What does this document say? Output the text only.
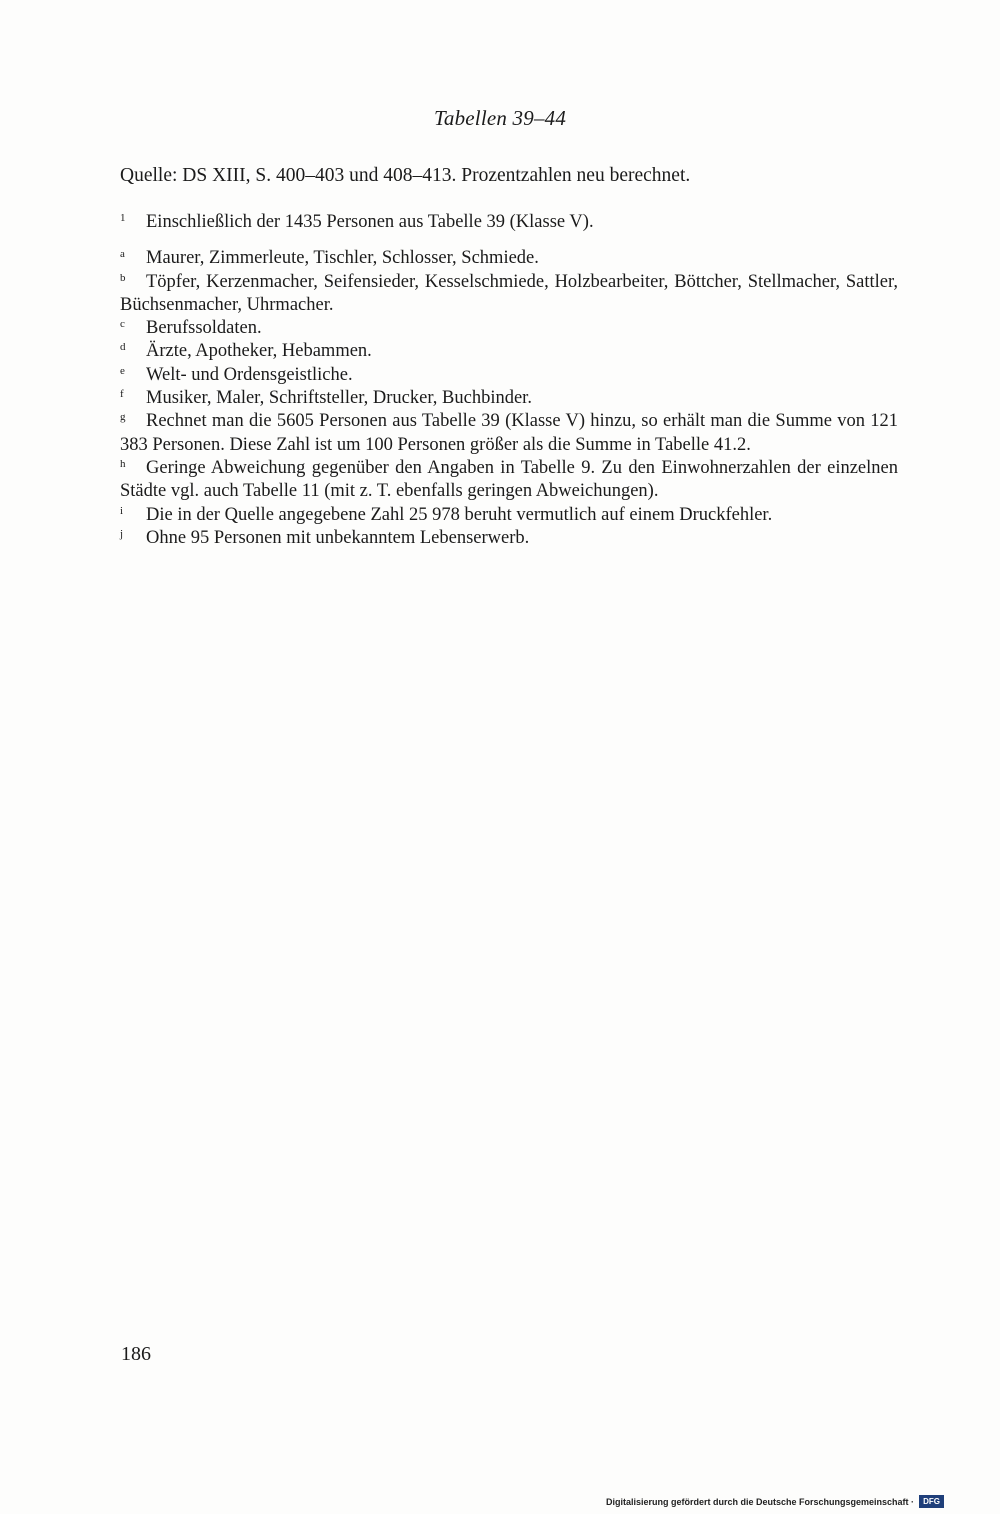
Tabellen 39–44
Quelle: DS XIII, S. 400–403 und 408–413. Prozentzahlen neu berechnet.

1 Einschließlich der 1435 Personen aus Tabelle 39 (Klasse V).

a Maurer, Zimmerleute, Tischler, Schlosser, Schmiede.

b Töpfer, Kerzenmacher, Seifensieder, Kesselschmiede, Holzbearbeiter, Böttcher, Stellmacher, Sattler, Büchsenmacher, Uhrmacher.

c Berufssoldaten.

d Ärzte, Apotheker, Hebammen.

e Welt- und Ordensgeistliche.

f Musiker, Maler, Schriftsteller, Drucker, Buchbinder.

g Rechnet man die 5605 Personen aus Tabelle 39 (Klasse V) hinzu, so erhält man die Summe von 121 383 Personen. Diese Zahl ist um 100 Personen größer als die Summe in Tabelle 41.2.

h Geringe Abweichung gegenüber den Angaben in Tabelle 9. Zu den Einwohnerzahlen der einzelnen Städte vgl. auch Tabelle 11 (mit z. T. ebenfalls geringen Abweichungen).

i Die in der Quelle angegebene Zahl 25 978 beruht vermutlich auf einem Druckfehler.

j Ohne 95 Personen mit unbekanntem Lebenserwerb.

186
Digitalisierung gefördert durch die Deutsche Forschungsgemeinschaft ·	DFG
